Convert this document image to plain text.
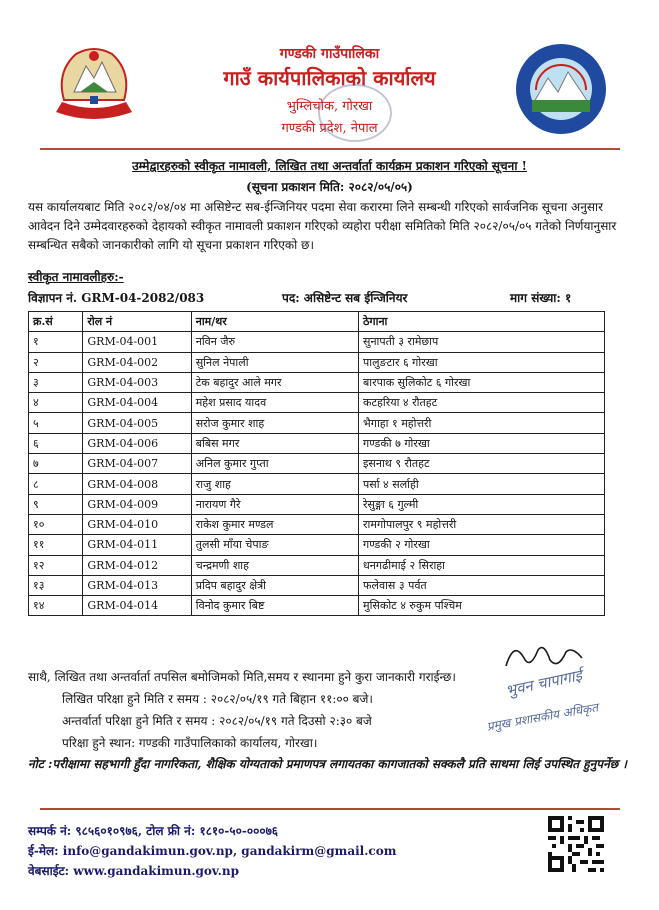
गण्डकी गाउँपालिका
गाउँ कार्यपालिकाको कार्यालय
भुम्लिचोक, गोरखा
गण्डकी प्रदेश, नेपाल
उम्मेद्वारहरुको स्वीकृत नामावली, लिखित तथा अन्तर्वार्ता कार्यक्रम प्रकाशन गरिएको सूचना !
(सूचना प्रकाशन मिति: २०८२/०५/०५)
यस कार्यालयबाट मिति २०८२/०४/०४ मा असिष्टेन्ट सब-ईन्जिनियर पदमा सेवा करारमा लिने सम्बन्धी गरिएको सार्वजनिक सूचना अनुसार आवेदन दिने उम्मेदवारहरुको देहायको स्वीकृत नामावली प्रकाशन गरिएको व्यहोरा परीक्षा समितिको मिति २०८२/०५/०५ गतेको निर्णयानुसार सम्बन्धित सबैको जानकारीको लागि यो सूचना प्रकाशन गरिएको छ।
स्वीकृत नामावलीहरु:-
विज्ञापन नं. GRM-04-2082/083	पद: असिष्टेन्ट सब ईन्जिनियर	माग संख्या: १
क्र.सं	रोल नं	नाम/थर	ठेगाना
१	GRM-04-001	नविन जैरु	सुनापती ३ रामेछाप
२	GRM-04-002	सुनिल नेपाली	पालुङटार ६ गोरखा
३	GRM-04-003	टेक बहादुर आले मगर	बारपाक सुलिकोट ६ गोरखा
४	GRM-04-004	महेश प्रसाद यादव	कटहरिया ४ रौतहट
५	GRM-04-005	सरोज कुमार शाह	भैगाहा १ महोत्तरी
६	GRM-04-006	बबिस मगर	गण्डकी ७ गोरखा
७	GRM-04-007	अनिल कुमार गुप्ता	इसनाथ ९ रौतहट
८	GRM-04-008	राजु शाह	पर्सा ४ सर्लाही
९	GRM-04-009	नारायण गैरे	रेसुङ्गा ६ गुल्मी
१०	GRM-04-010	राकेश कुमार मण्डल	रामगोपालपुर ९ महोत्तरी
११	GRM-04-011	तुलसी माँया चेपाङ	गण्डकी २ गोरखा
१२	GRM-04-012	चन्द्रमणी शाह	धनगढीमाई २ सिराहा
१३	GRM-04-013	प्रदिप बहादुर क्षेत्री	फलेवास ३ पर्वत
१४	GRM-04-014	विनोद कुमार बिष्ट	मुसिकोट ४ रुकुम पश्चिम
साथै, लिखित तथा अन्तर्वार्ता तपसिल बमोजिमको मिति,समय र स्थानमा हुने कुरा जानकारी गराईन्छ।
लिखित परिक्षा हुने मिति र समय : २०८२/०५/१९ गते बिहान ११:०० बजे।
अन्तर्वार्ता परिक्षा हुने मिति र समय : २०८२/०५/१९ गते दिउसो २:३० बजे
परिक्षा हुने स्थान: गण्डकी गाउँपालिकाको कार्यालय, गोरखा।
नोट :परीक्षामा सहभागी हुँदा नागरिकता, शैक्षिक योग्यताको प्रमाणपत्र लगायतका कागजातको सक्कलै प्रति साथमा लिई उपस्थित हुनुपर्नेछ ।
भुवन चापागाई
प्रमुख प्रशासकीय अधिकृत
सम्पर्क नं: ९८५६०१०९७६, टोल फ्री नं: १८१०-५०-०००७६
ई-मेल: info@gandakimun.gov.np, gandakirm@gmail.com
वेबसाईट: www.gandakimun.gov.np
